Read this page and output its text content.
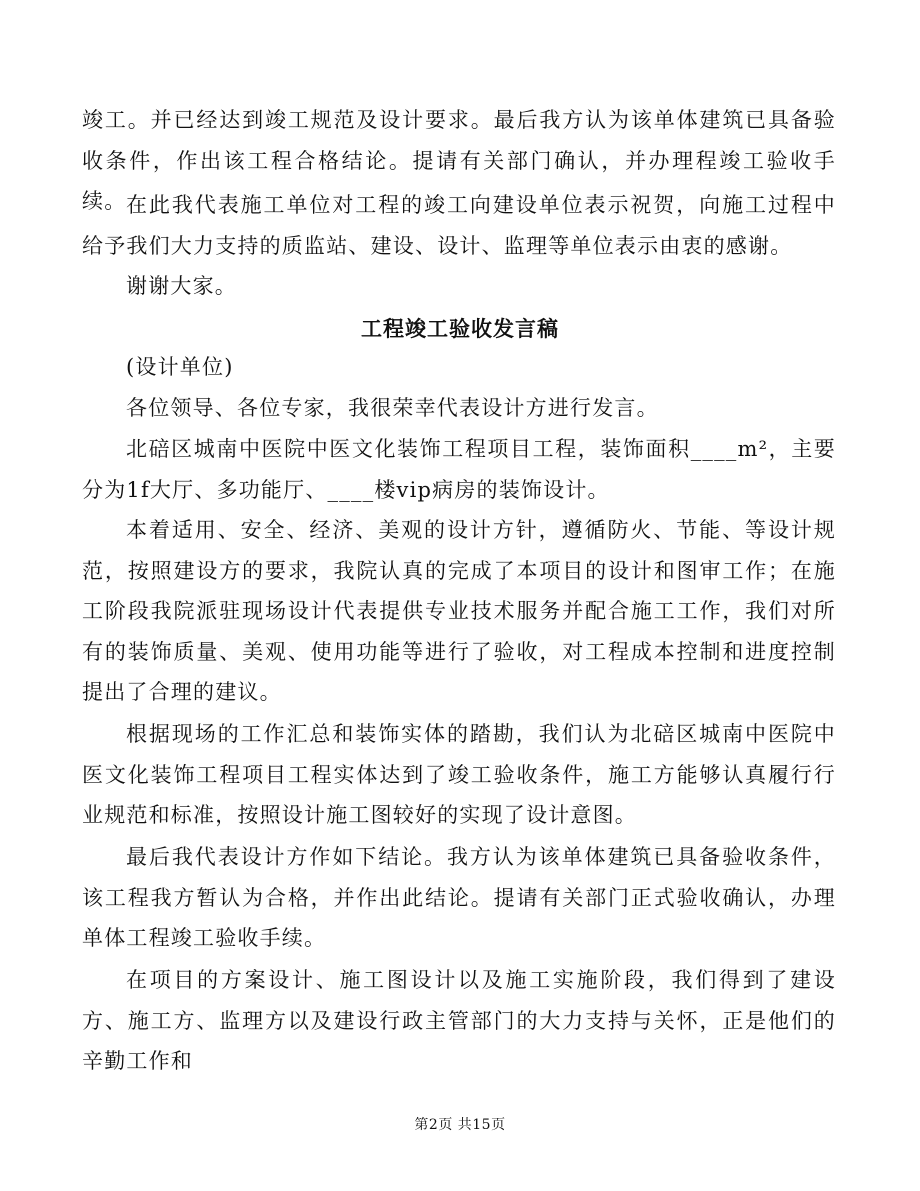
竣工。并已经达到竣工规范及设计要求。最后我方认为该单体建筑已具备验收条件，作出该工程合格结论。提请有关部门确认，并办理程竣工验收手续。 在此我代表施工单位对工程的竣工向建设单位表示祝贺，向施工过程中给予我们大力支持的质监站、建设、设计、监理等单位表示由衷的感谢。

谢谢大家。

工程竣工验收发言稿

(设计单位)

各位领导、各位专家，我很荣幸代表设计方进行发言。

北碚区城南中医院中医文化装饰工程项目工程，装饰面积____m²，主要分为1f大厅、多功能厅、____楼vip病房的装饰设计。

本着适用、安全、经济、美观的设计方针，遵循防火、节能、等设计规范，按照建设方的要求，我院认真的完成了本项目的设计和图审工作；在施工阶段我院派驻现场设计代表提供专业技术服务并配合施工工作，我们对所有的装饰质量、美观、使用功能等进行了验收，对工程成本控制和进度控制提出了合理的建议。

根据现场的工作汇总和装饰实体的踏勘，我们认为北碚区城南中医院中医文化装饰工程项目工程实体达到了竣工验收条件，施工方能够认真履行行业规范和标准，按照设计施工图较好的实现了设计意图。

最后我代表设计方作如下结论。我方认为该单体建筑已具备验收条件，该工程我方暂认为合格，并作出此结论。提请有关部门正式验收确认，办理单体工程竣工验收手续。

在项目的方案设计、施工图设计以及施工实施阶段，我们得到了建设方、施工方、监理方以及建设行政主管部门的大力支持与关怀，正是他们的辛勤工作和

第2页 共15页
